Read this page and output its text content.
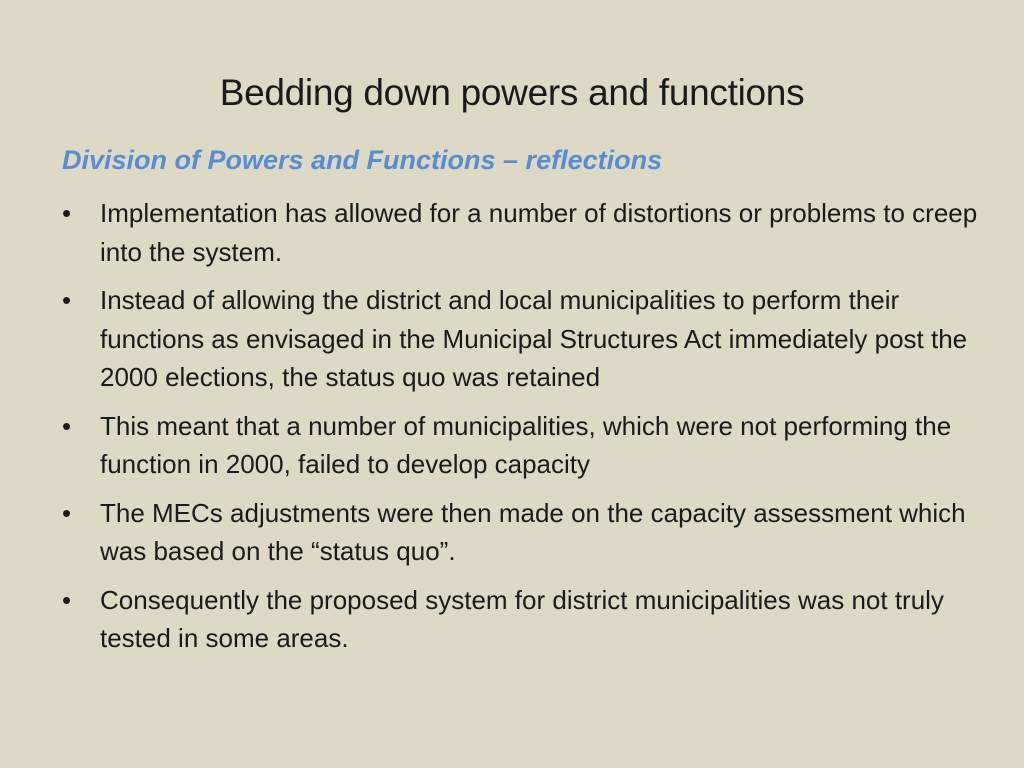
Bedding down powers and functions
Division of Powers and Functions – reflections
• Implementation has allowed for a number of distortions or problems to creep into the system.
• Instead of allowing the district and local municipalities to perform their functions as envisaged in the Municipal Structures Act immediately post the 2000 elections, the status quo was retained
• This meant that a number of municipalities, which were not performing the function in 2000, failed to develop capacity
• The MECs adjustments were then made on the capacity assessment which was based on the “status quo”.
• Consequently the proposed system for district municipalities was not truly tested in some areas.
